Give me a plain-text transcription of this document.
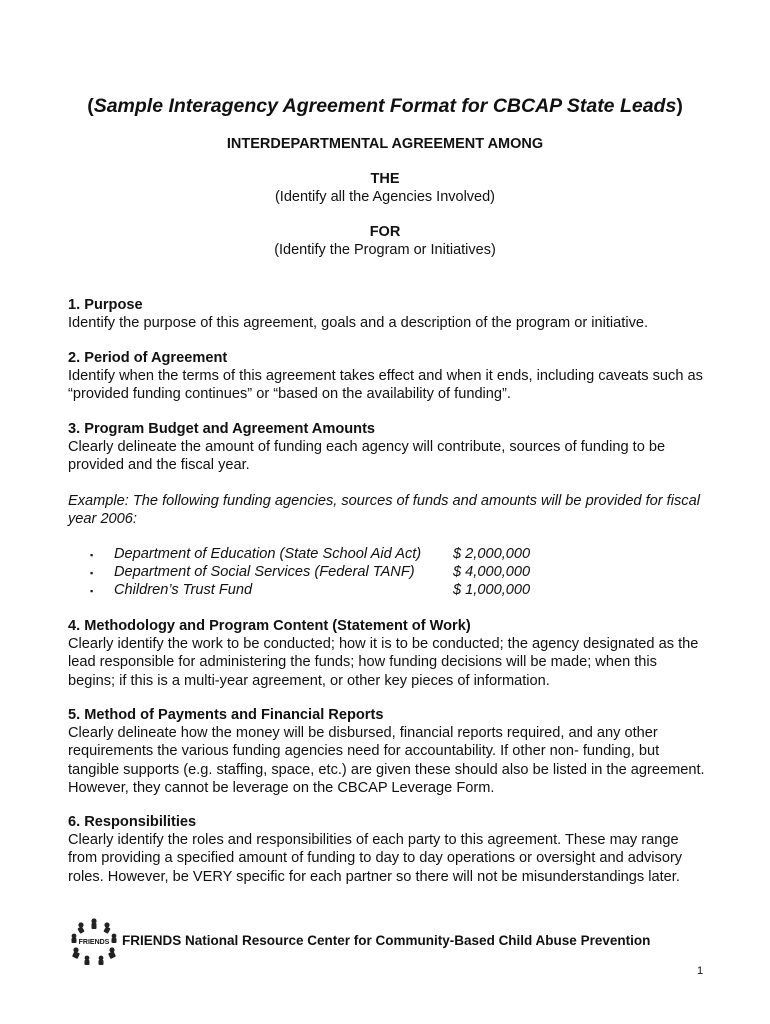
(Sample Interagency Agreement Format for CBCAP State Leads)
INTERDEPARTMENTAL AGREEMENT AMONG
THE
(Identify all the Agencies Involved)
FOR
(Identify the Program or Initiatives)

1. Purpose

Identify the purpose of this agreement, goals and a description of the program or initiative.

2. Period of Agreement

Identify when the terms of this agreement takes effect and when it ends, including caveats such as “provided funding continues” or “based on the availability of funding”.

3. Program Budget and Agreement Amounts

Clearly delineate the amount of funding each agency will contribute, sources of funding to be provided and the fiscal year.

Example: The following funding agencies, sources of funds and amounts will be provided for fiscal year 2006:
▪	Department of Education (State School Aid Act)	$ 2,000,000
▪	Department of Social Services (Federal TANF)	$ 4,000,000
▪	Children’s Trust Fund	$ 1,000,000

4. Methodology and Program Content (Statement of Work)

Clearly identify the work to be conducted; how it is to be conducted; the agency designated as the lead responsible for administering the funds; how funding decisions will be made; when this begins; if this is a multi-year agreement, or other key pieces of information.

5. Method of Payments and Financial Reports

Clearly delineate how the money will be disbursed, financial reports required, and any other requirements the various funding agencies need for accountability. If other non- funding, but tangible supports (e.g. staffing, space, etc.) are given these should also be listed in the agreement. However, they cannot be leverage on the CBCAP Leverage Form.

6. Responsibilities

Clearly identify the roles and responsibilities of each party to this agreement. These may range from providing a specified amount of funding to day to day operations or oversight and advisory roles. However, be VERY specific for each partner so there will not be misunderstandings later.

FRIENDS FRIENDS National Resource Center for Community-Based Child Abuse Prevention
1
